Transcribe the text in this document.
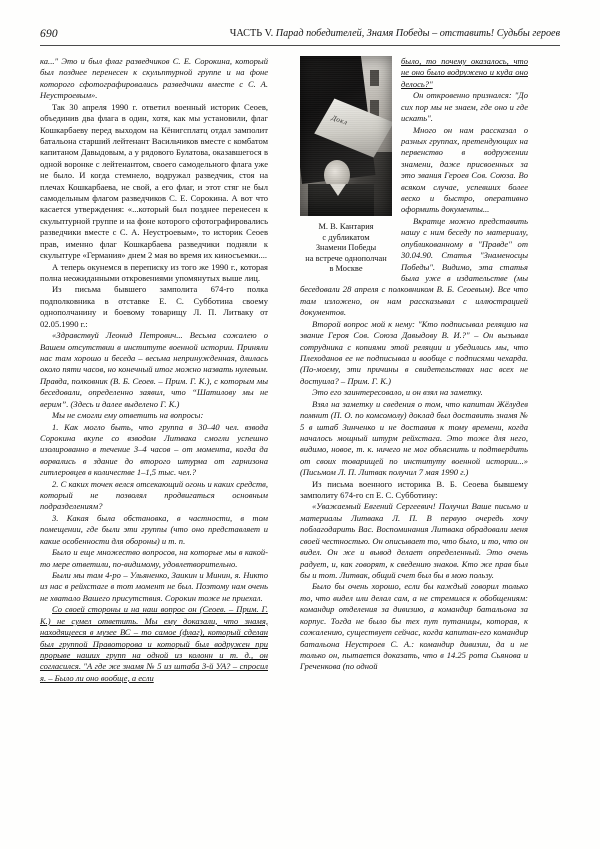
690	ЧАСТЬ V. Парад победителей, Знамя Победы – отставить! Судьбы героев

ка..." Это и был флаг разведчиков С. Е. Сорокина, который был позднее перенесен к скульптурной группе и на фоне которого сфотографировались разведчики вместе с С. А. Неустроевым».

Так 30 апреля 1990 г. ответил военный историк Сеоев, объединив два флага в один, хотя, как мы установили, флаг Кошкарбаеву перед выходом на Кёнигсплатц отдал замполит батальона старший лейтенант Васильчиков вместе с комбатом капитаном Давыдовым, а у рядового Булатова, оказавшегося в одной воронке с лейтенантом, своего самодельного флага уже не было. И когда стемнело, водружал разведчик, стоя на плечах Кошкарбаева, не свой, а его флаг, и этот стяг не был самодельным флагом разведчиков С. Е. Сорокина. А вот что касается утверждения: «...который был позднее перенесен к скульптурной группе и на фоне которого сфотографировались разведчики вместе с С. А. Неустроевым», то историк Сеоев прав, именно флаг Кошкарбаева разведчики подняли к скульптуре «Германия» днем 2 мая во время их киносъемки....

А теперь окунемся в переписку из того же 1990 г., которая полна неожиданными откровениями упомянутых выше лиц.

Из письма бывшего замполита 674-го полка подполковника в отставке Е. С. Субботина своему однополчанину и боевому товарищу Л. П. Литваку от 02.05.1990 г.:

«Здравствуй Леонид Петрович... Весьма сожалею о Вашем отсутствии в институте военной истории. Приняли нас там хорошо и беседа – весьма непринужденная, длилась около пяти часов, но конечный итог можно назвать нулевым. Правда, полковник (В. Б. Сеоев. – Прим. Г. К.), с которым мы беседовали, определенно заявил, что “Шатилову мы не верим”. (Здесь и далее выделено Г. К.)

Мы не смогли ему ответить на вопросы:

1. Как могло быть, что группа в 30–40 чел. взвода Сорокина вкупе со взводом Литвака смогли успешно изолированно в течение 3–4 часов – от момента, когда да ворвались в здание до второго штурма от гарнизона гитлеровцев в количестве 1–1,5 тыс. чел.?

2. С каких точек велся отсекающий огонь и каких средств, который не позволял продвигаться основным подразделениям?

3. Какая была обстановка, в частности, в том помещении, где были эти группы (что оно представляет и какие особенности для обороны) и т. п.

Было и еще множество вопросов, на которые мы в какой-то мере ответили, по-видимому, удовлетворительно.

Были мы там 4-ро – Ульяненко, Заикин и Минин, я. Никто из нас в рейхстаге в тот момент не был. Поэтому нам очень не хватало Вашего присутствия. Сорокин тоже не приехал.

Со своей стороны и на наш вопрос он (Сеоев. – Прим. Г. К.) не сумел ответить. Мы ему доказали, что знамя, находящееся в музее ВС – то самое (флаг), который сделан был группой Правоторова и который был водружен при прорыве наших групп на одной из колонн и т. д., он согласился. "А где же знамя № 5 из штаба 3-й УА? – спросил я. – Было ли оно вообще, а если

Докл
М. В. Кантария
с дубликатом
Знамени Победы
на встрече однополчан
в Москве

было, то почему оказалось, что не оно было водружено и куда оно делось?"

Он откровенно признался: "До сих пор мы не знаем, где оно и где искать".

Много он нам рассказал о разных группах, претендующих на первенство в водружении знамени, даже присвоенных за это звания Героев Сов. Союза. Во всяком случае, успевших более веско и быстро, оперативно оформить документы...

Вкратце можно представить нашу с ним беседу по материалу, опубликованному в "Правде" от 30.04.90. Статья "Знаменосцы Победы". Видимо, эта статья была уже в издательстве (мы беседовали 28 апреля с полковником В. Б. Сеоевым). Все что там изложено, он нам рассказывал с иллюстрацией документов.

Второй вопрос мой к нему: "Кто подписывал реляцию на звание Героя Сов. Союза Давыдову В. И.?" – Он вызывал сотрудника с копиями этой реляции и убедились мы, что Плеходанов ее не подписывал и вообще с подписями чехарда. (По-моему, эти причины в свидетельствах нас всех не достуила? – Прим. Г. К.)

Это его заинтересовало, и он взял на заметку.

Взял на заметку и сведения о том, что капитан Жёлудев помнит (П. О. по комсомолу) доклад был доставить знамя № 5 в штаб Зинченко и не доставив к тому времени, когда началось мощный штурм рейхстага. Это тоже для него, видимо, новое, т. к. ничего не мог объяснить и подтвердить от своих товарищей по институту военной истории...» (Письмом Л. П. Литвак получил 7 мая 1990 г.)

Из письма военного историка В. Б. Сеоева бывшему замполиту 674-го сп Е. С. Субботину:

«Уважаемый Евгений Сергеевич! Получил Ваше письмо и материалы Литвака Л. П. В первую очередь хочу поблагодарить Вас. Воспоминания Литвака обрадовали меня своей честностью. Он описывает то, что было, и то, что он видел. Он же и вывод делает определенный. Это очень радует, и, как говорят, к сведению знаков. Кто же прав был бы и тот. Литвак, общий счет был бы в мою пользу.

Было бы очень хорошо, если бы каждый говорил только то, что видел или делал сам, а не стремился к обобщениям: командир отделения за дивизию, а командир батальона за корпус. Тогда не было бы тех пут путаницы, которая, к сожалению, существует сейчас, когда капитан-его командир батальона Неустроев С. А.: командир дивизии, да и не только он, пытается доказать, что в 14.25 рота Сьянова и Греченкова (по одной
